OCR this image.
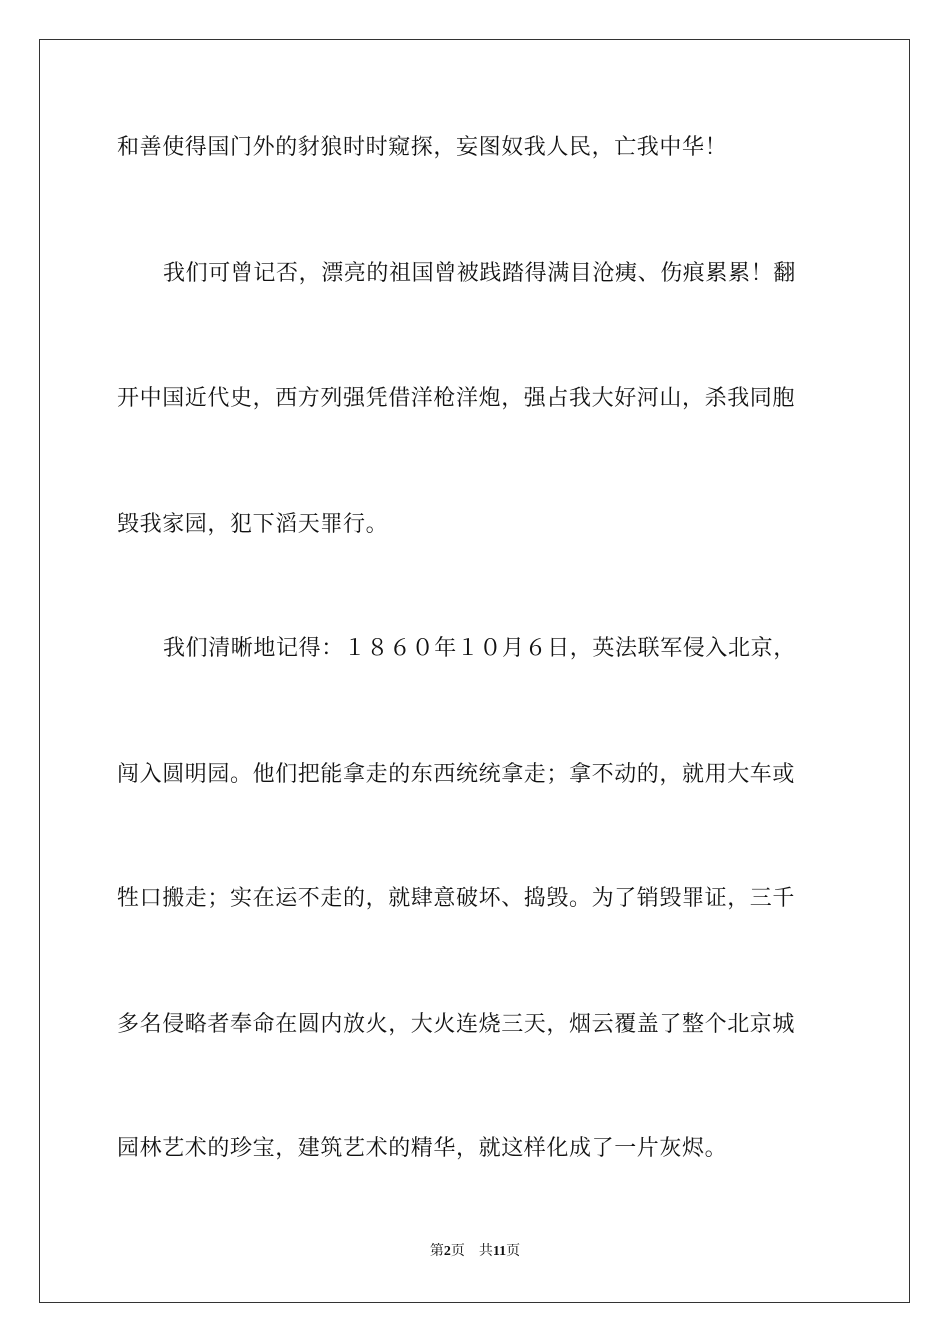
和善使得国门外的豺狼时时窥探，妄图奴我人民，亡我中华！
我们可曾记否，漂亮的祖国曾被践踏得满目沧痍、伤痕累累！翻
开中国近代史，西方列强凭借洋枪洋炮，强占我大好河山，杀我同胞
毁我家园，犯下滔天罪行。
我们清晰地记得：１８６０年１０月６日，英法联军侵入北京，
闯入圆明园。他们把能拿走的东西统统拿走；拿不动的，就用大车或
牲口搬走；实在运不走的，就肆意破坏、捣毁。为了销毁罪证，三千
多名侵略者奉命在圆内放火，大火连烧三天，烟云覆盖了整个北京城
园林艺术的珍宝，建筑艺术的精华，就这样化成了一片灰烬。
第2页 共11页
